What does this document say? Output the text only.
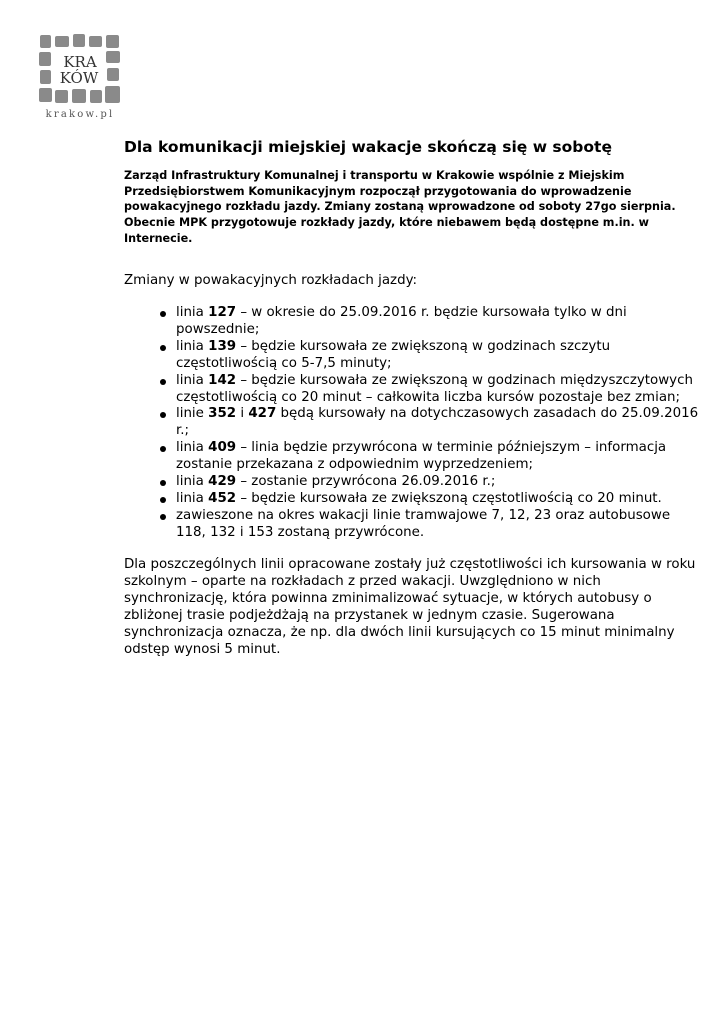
KRA
KÓW
krakow.pl
Dla komunikacji miejskiej wakacje skończą się w sobotę

Zarząd Infrastruktury Komunalnej i transportu w Krakowie wspólnie z Miejskim
Przedsiębiorstwem Komunikacyjnym rozpoczął przygotowania do wprowadzenie
powakacyjnego rozkładu jazdy. Zmiany zostaną wprowadzone od soboty 27go sierpnia.
Obecnie MPK przygotowuje rozkłady jazdy, które niebawem będą dostępne m.in. w
Internecie.

Zmiany w powakacyjnych rozkładach jazdy:

linia 127 – w okresie do 25.09.2016 r. będzie kursowała tylko w dni
powszednie;
linia 139 – będzie kursowała ze zwiększoną w godzinach szczytu
częstotliwością co 5-7,5 minuty;
linia 142 – będzie kursowała ze zwiększoną w godzinach międzyszczytowych
częstotliwością co 20 minut – całkowita liczba kursów pozostaje bez zmian;
linie 352 i 427 będą kursowały na dotychczasowych zasadach do 25.09.2016
r.;
linia 409 – linia będzie przywrócona w terminie późniejszym – informacja
zostanie przekazana z odpowiednim wyprzedzeniem;
linia 429 – zostanie przywrócona 26.09.2016 r.;
linia 452 – będzie kursowała ze zwiększoną częstotliwością co 20 minut.
zawieszone na okres wakacji linie tramwajowe 7, 12, 23 oraz autobusowe
118, 132 i 153 zostaną przywrócone.

Dla poszczególnych linii opracowane zostały już częstotliwości ich kursowania w roku
szkolnym – oparte na rozkładach z przed wakacji. Uwzględniono w nich
synchronizację, która powinna zminimalizować sytuacje, w których autobusy o
zbliżonej trasie podjeżdżają na przystanek w jednym czasie. Sugerowana
synchronizacja oznacza, że np. dla dwóch linii kursujących co 15 minut minimalny
odstęp wynosi 5 minut.
